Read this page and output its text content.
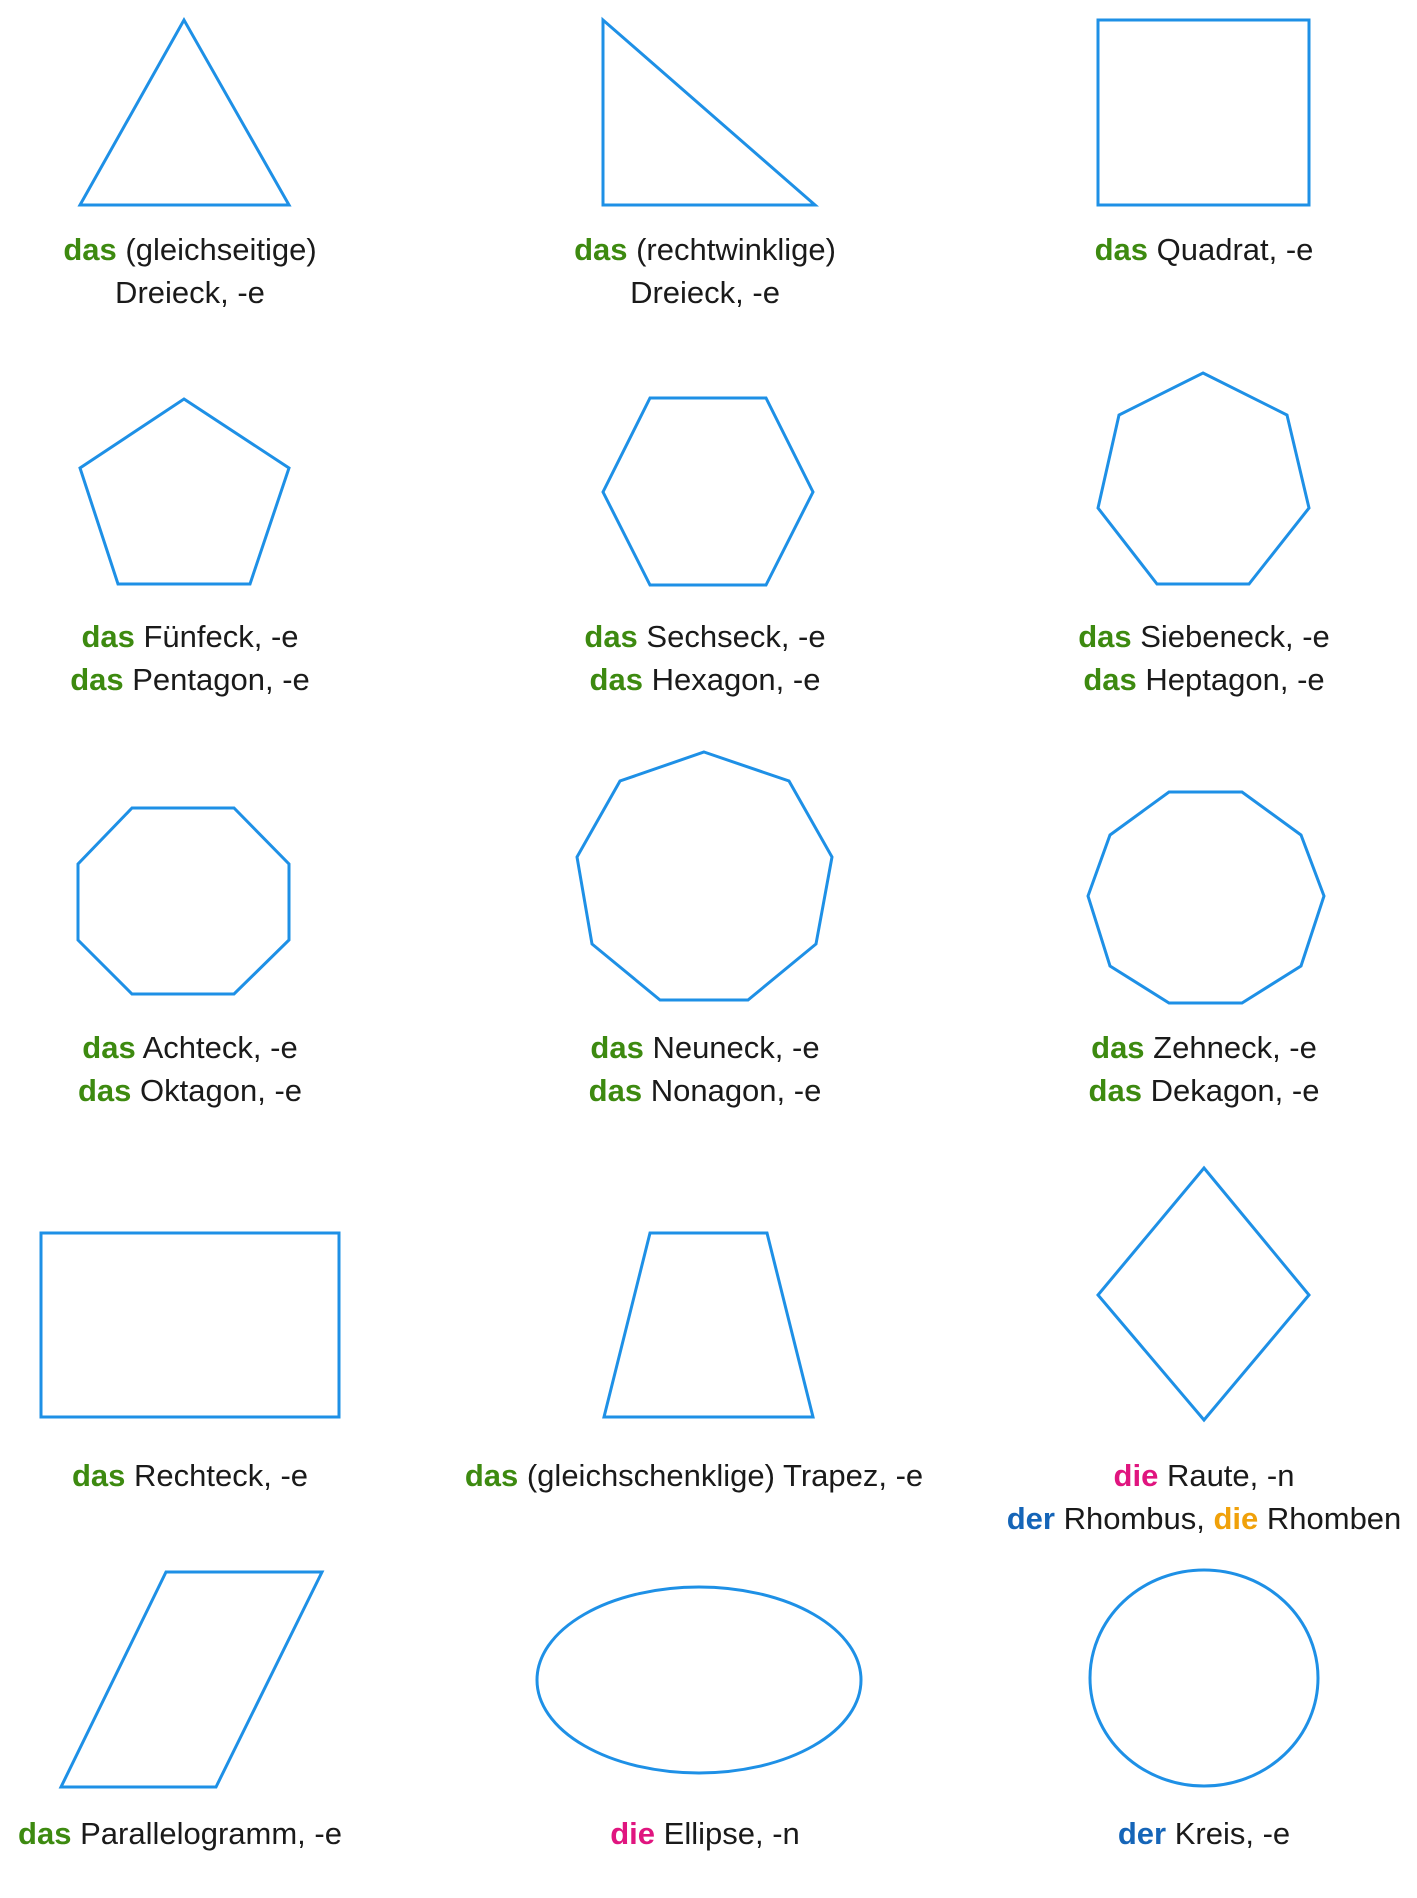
das (gleichseitige)
Dreieck, -e
das (rechtwinklige)
Dreieck, -e
das Quadrat, -e
das Fünfeck, -e
das Pentagon, -e
das Sechseck, -e
das Hexagon, -e
das Siebeneck, -e
das Heptagon, -e
das Achteck, -e
das Oktagon, -e
das Neuneck, -e
das Nonagon, -e
das Zehneck, -e
das Dekagon, -e
das Rechteck, -e	das (gleichschenklige) Trapez, -e	die Raute, -n
der Rhombus, die Rhomben
das Parallelogramm, -e	die Ellipse, -n	der Kreis, -e
